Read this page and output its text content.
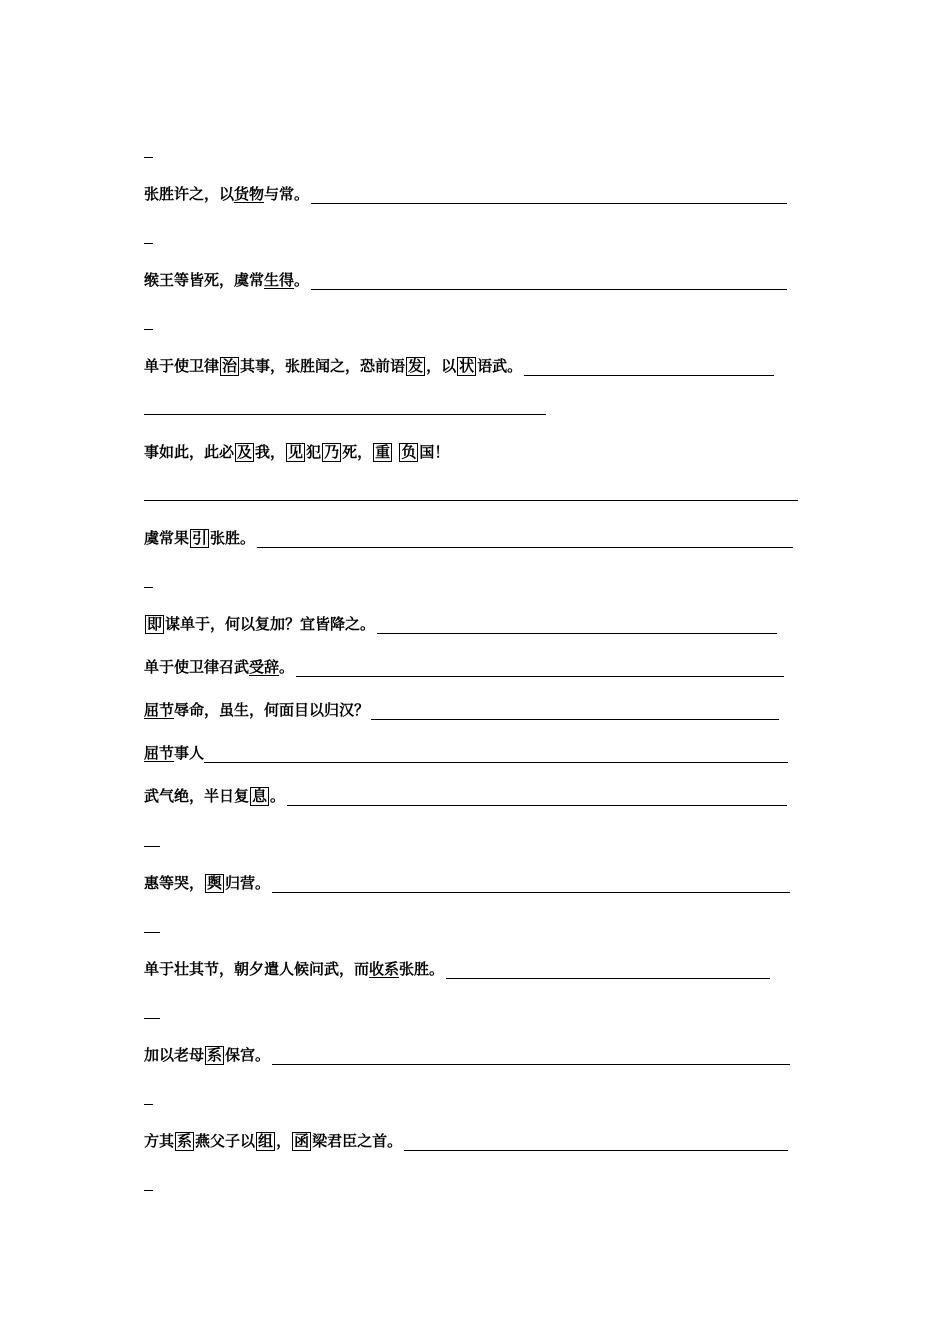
张胜许之，以 货物 与常。
缑王等皆死，虞常 生得 。
单于使卫律 治 其事，张胜闻之，恐前语 发 ，以 状 语武。
事如此，此必 及 我， 见 犯 乃 死， 重
负 国！
虞常果 引 张胜。
即 谋单于，何以复加？宜皆降之。
单于使卫律召武 受辞 。
屈节 辱命，虽生，何面目以归汉？
屈节 事人
武气绝，半日复 息 。
惠等哭， 舆 归营。
单于壮其节，朝夕遣人候问武，而 收系 张胜。
加以老母 系 保宫。
方其 系 燕父子以 组 ， 函 梁君臣之首。
